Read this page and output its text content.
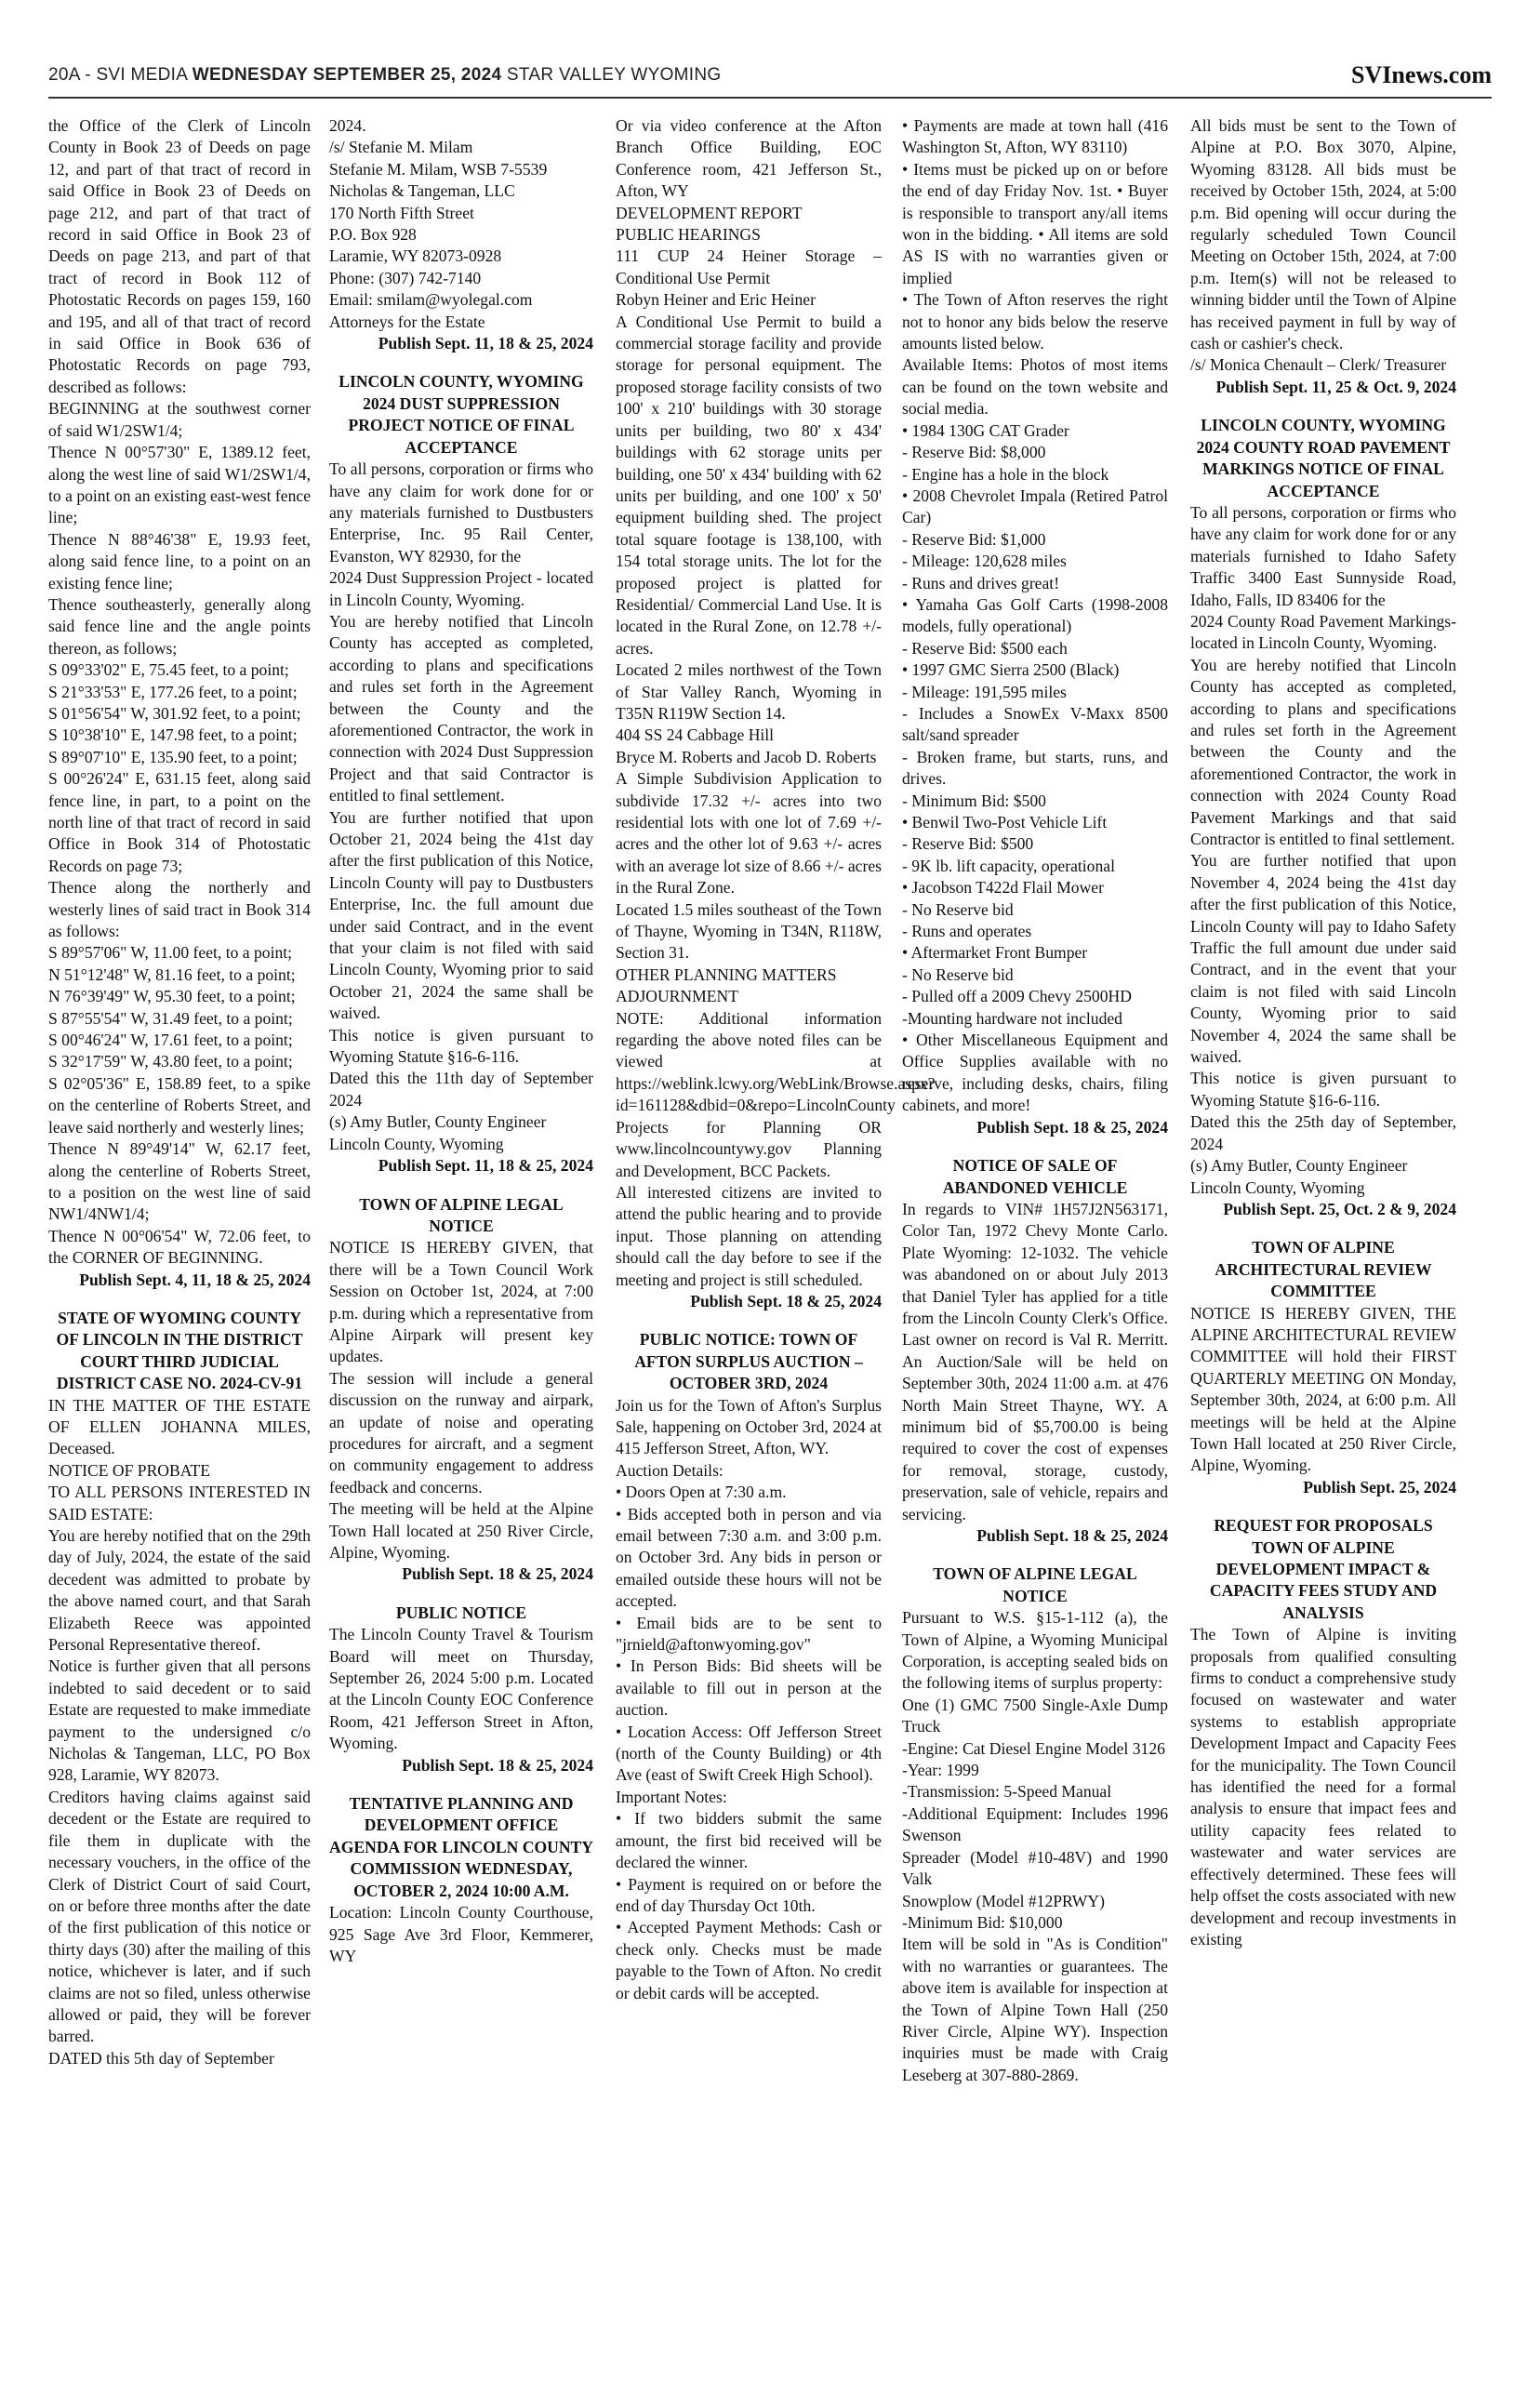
20A - SVI MEDIA WEDNESDAY SEPTEMBER 25, 2024 STAR VALLEY WYOMING	SVInews.com

the Office of the Clerk of Lincoln County in Book 23 of Deeds on page 12, and part of that tract of record in said Office in Book 23 of Deeds on page 212, and part of that tract of record in said Office in Book 23 of Deeds on page 213, and part of that tract of record in Book 112 of Photostatic Records on pages 159, 160 and 195, and all of that tract of record in said Office in Book 636 of Photostatic Records on page 793, described as follows:

BEGINNING at the southwest corner of said W1/2SW1/4;

Thence N 00°57'30" E, 1389.12 feet, along the west line of said W1/2SW1/4, to a point on an existing east-west fence line;

Thence N 88°46'38" E, 19.93 feet, along said fence line, to a point on an existing fence line;

Thence southeasterly, generally along said fence line and the angle points thereon, as follows;

S 09°33'02" E, 75.45 feet, to a point;

S 21°33'53" E, 177.26 feet, to a point;

S 01°56'54" W, 301.92 feet, to a point;

S 10°38'10" E, 147.98 feet, to a point;

S 89°07'10" E, 135.90 feet, to a point;

S 00°26'24" E, 631.15 feet, along said fence line, in part, to a point on the north line of that tract of record in said Office in Book 314 of Photostatic Records on page 73;

Thence along the northerly and westerly lines of said tract in Book 314 as follows:

S 89°57'06" W, 11.00 feet, to a point;

N 51°12'48" W, 81.16 feet, to a point;

N 76°39'49" W, 95.30 feet, to a point;

S 87°55'54" W, 31.49 feet, to a point;

S 00°46'24" W, 17.61 feet, to a point;

S 32°17'59" W, 43.80 feet, to a point;

S 02°05'36" E, 158.89 feet, to a spike on the centerline of Roberts Street, and leave said northerly and westerly lines;

Thence N 89°49'14" W, 62.17 feet, along the centerline of Roberts Street, to a position on the west line of said NW1/4NW1/4;

Thence N 00°06'54" W, 72.06 feet, to the CORNER OF BEGINNING.

Publish Sept. 4, 11, 18 & 25, 2024

STATE OF WYOMING COUNTY OF LINCOLN IN THE DISTRICT COURT THIRD JUDICIAL DISTRICT CASE NO. 2024-CV-91

IN THE MATTER OF THE ESTATE OF ELLEN JOHANNA MILES, Deceased.

NOTICE OF PROBATE

TO ALL PERSONS INTERESTED IN SAID ESTATE:

You are hereby notified that on the 29th day of July, 2024, the estate of the said decedent was admitted to probate by the above named court, and that Sarah Elizabeth Reece was appointed Personal Representative thereof.

Notice is further given that all persons indebted to said decedent or to said Estate are requested to make immediate payment to the undersigned c/o Nicholas & Tangeman, LLC, PO Box 928, Laramie, WY 82073.

Creditors having claims against said decedent or the Estate are required to file them in duplicate with the necessary vouchers, in the office of the Clerk of District Court of said Court, on or before three months after the date of the first publication of this notice or thirty days (30) after the mailing of this notice, whichever is later, and if such claims are not so filed, unless otherwise allowed or paid, they will be forever barred.

DATED this 5th day of September

2024.

/s/ Stefanie M. Milam

Stefanie M. Milam, WSB 7-5539

Nicholas & Tangeman, LLC

170 North Fifth Street

P.O. Box 928

Laramie, WY 82073-0928

Phone: (307) 742-7140

Email: smilam@wyolegal.com

Attorneys for the Estate

Publish Sept. 11, 18 & 25, 2024

LINCOLN COUNTY, WYOMING 2024 DUST SUPPRESSION PROJECT NOTICE OF FINAL ACCEPTANCE

To all persons, corporation or firms who have any claim for work done for or any materials furnished to Dustbusters Enterprise, Inc. 95 Rail Center, Evanston, WY 82930, for the

2024 Dust Suppression Project - located in Lincoln County, Wyoming.

You are hereby notified that Lincoln County has accepted as completed, according to plans and specifications and rules set forth in the Agreement between the County and the aforementioned Contractor, the work in connection with 2024 Dust Suppression Project and that said Contractor is entitled to final settlement.

You are further notified that upon October 21, 2024 being the 41st day after the first publication of this Notice, Lincoln County will pay to Dustbusters Enterprise, Inc. the full amount due under said Contract, and in the event that your claim is not filed with said Lincoln County, Wyoming prior to said October 21, 2024 the same shall be waived.

This notice is given pursuant to Wyoming Statute §16-6-116.

Dated this the 11th day of September 2024

(s) Amy Butler, County Engineer

Lincoln County, Wyoming

Publish Sept. 11, 18 & 25, 2024

TOWN OF ALPINE LEGAL NOTICE

NOTICE IS HEREBY GIVEN, that there will be a Town Council Work Session on October 1st, 2024, at 7:00 p.m. during which a representative from Alpine Airpark will present key updates.

The session will include a general discussion on the runway and airpark, an update of noise and operating procedures for aircraft, and a segment on community engagement to address feedback and concerns.

The meeting will be held at the Alpine Town Hall located at 250 River Circle, Alpine, Wyoming.

Publish Sept. 18 & 25, 2024

PUBLIC NOTICE

The Lincoln County Travel & Tourism Board will meet on Thursday, September 26, 2024 5:00 p.m. Located at the Lincoln County EOC Conference Room, 421 Jefferson Street in Afton, Wyoming.

Publish Sept. 18 & 25, 2024

TENTATIVE PLANNING AND DEVELOPMENT OFFICE AGENDA FOR LINCOLN COUNTY COMMISSION WEDNESDAY, OCTOBER 2, 2024 10:00 A.M.

Location: Lincoln County Courthouse, 925 Sage Ave 3rd Floor, Kemmerer, WY

Or via video conference at the Afton Branch Office Building, EOC Conference room, 421 Jefferson St., Afton, WY

DEVELOPMENT REPORT

PUBLIC HEARINGS

111 CUP 24 Heiner Storage – Conditional Use Permit

Robyn Heiner and Eric Heiner

A Conditional Use Permit to build a commercial storage facility and provide storage for personal equipment. The proposed storage facility consists of two 100' x 210' buildings with 30 storage units per building, two 80' x 434' buildings with 62 storage units per building, one 50' x 434' building with 62 units per building, and one 100' x 50' equipment building shed. The project total square footage is 138,100, with 154 total storage units. The lot for the proposed project is platted for Residential/ Commercial Land Use. It is located in the Rural Zone, on 12.78 +/- acres.

Located 2 miles northwest of the Town of Star Valley Ranch, Wyoming in T35N R119W Section 14.

404 SS 24 Cabbage Hill

Bryce M. Roberts and Jacob D. Roberts

A Simple Subdivision Application to subdivide 17.32 +/- acres into two residential lots with one lot of 7.69 +/- acres and the other lot of 9.63 +/- acres with an average lot size of 8.66 +/- acres in the Rural Zone.

Located 1.5 miles southeast of the Town of Thayne, Wyoming in T34N, R118W, Section 31.

OTHER PLANNING MATTERS

ADJOURNMENT

NOTE: Additional information regarding the above noted files can be viewed at https://weblink.lcwy.org/WebLink/Browse.aspx?id=161128&dbid=0&repo=LincolnCounty

Projects for Planning OR www.lincolncountywy.gov Planning and Development, BCC Packets.

All interested citizens are invited to attend the public hearing and to provide input. Those planning on attending should call the day before to see if the meeting and project is still scheduled.

Publish Sept. 18 & 25, 2024

PUBLIC NOTICE: TOWN OF AFTON SURPLUS AUCTION – OCTOBER 3RD, 2024

Join us for the Town of Afton's Surplus Sale, happening on October 3rd, 2024 at 415 Jefferson Street, Afton, WY.

Auction Details:

• Doors Open at 7:30 a.m.

• Bids accepted both in person and via email between 7:30 a.m. and 3:00 p.m. on October 3rd. Any bids in person or emailed outside these hours will not be accepted.

• Email bids are to be sent to "jrnield@aftonwyoming.gov"

• In Person Bids: Bid sheets will be available to fill out in person at the auction.

• Location Access: Off Jefferson Street (north of the County Building) or 4th Ave (east of Swift Creek High School).

Important Notes:

• If two bidders submit the same amount, the first bid received will be declared the winner.

• Payment is required on or before the end of day Thursday Oct 10th.

• Accepted Payment Methods: Cash or check only. Checks must be made payable to the Town of Afton. No credit or debit cards will be accepted.

• Payments are made at town hall (416 Washington St, Afton, WY 83110)

• Items must be picked up on or before the end of day Friday Nov. 1st. • Buyer is responsible to transport any/all items won in the bidding. • All items are sold AS IS with no warranties given or implied

• The Town of Afton reserves the right not to honor any bids below the reserve amounts listed below.

Available Items: Photos of most items can be found on the town website and social media.

• 1984 130G CAT Grader

- Reserve Bid: $8,000

- Engine has a hole in the block

• 2008 Chevrolet Impala (Retired Patrol Car)

- Reserve Bid: $1,000

- Mileage: 120,628 miles

- Runs and drives great!

• Yamaha Gas Golf Carts (1998-2008 models, fully operational)

- Reserve Bid: $500 each

• 1997 GMC Sierra 2500 (Black)

- Mileage: 191,595 miles

- Includes a SnowEx V-Maxx 8500 salt/sand spreader

- Broken frame, but starts, runs, and drives.

- Minimum Bid: $500

• Benwil Two-Post Vehicle Lift

- Reserve Bid: $500

- 9K lb. lift capacity, operational

• Jacobson T422d Flail Mower

- No Reserve bid

- Runs and operates

• Aftermarket Front Bumper

- No Reserve bid

- Pulled off a 2009 Chevy 2500HD

-Mounting hardware not included

• Other Miscellaneous Equipment and Office Supplies available with no reserve, including desks, chairs, filing cabinets, and more!

Publish Sept. 18 & 25, 2024

NOTICE OF SALE OF ABANDONED VEHICLE

In regards to VIN# 1H57J2N563171, Color Tan, 1972 Chevy Monte Carlo. Plate Wyoming: 12-1032. The vehicle was abandoned on or about July 2013 that Daniel Tyler has applied for a title from the Lincoln County Clerk's Office. Last owner on record is Val R. Merritt. An Auction/Sale will be held on September 30th, 2024 11:00 a.m. at 476 North Main Street Thayne, WY. A minimum bid of $5,700.00 is being required to cover the cost of expenses for removal, storage, custody, preservation, sale of vehicle, repairs and servicing.

Publish Sept. 18 & 25, 2024

TOWN OF ALPINE LEGAL NOTICE

Pursuant to W.S. §15-1-112 (a), the Town of Alpine, a Wyoming Municipal Corporation, is accepting sealed bids on the following items of surplus property:

One (1) GMC 7500 Single-Axle Dump Truck

-Engine: Cat Diesel Engine Model 3126

-Year: 1999

-Transmission: 5-Speed Manual

-Additional Equipment: Includes 1996 Swenson

Spreader (Model #10-48V) and 1990 Valk

Snowplow (Model #12PRWY)

-Minimum Bid: $10,000

Item will be sold in "As is Condition" with no warranties or guarantees. The above item is available for inspection at the Town of Alpine Town Hall (250 River Circle, Alpine WY). Inspection inquiries must be made with Craig Leseberg at 307-880-2869.

All bids must be sent to the Town of Alpine at P.O. Box 3070, Alpine, Wyoming 83128. All bids must be received by October 15th, 2024, at 5:00 p.m. Bid opening will occur during the regularly scheduled Town Council Meeting on October 15th, 2024, at 7:00 p.m. Item(s) will not be released to winning bidder until the Town of Alpine has received payment in full by way of cash or cashier's check.

/s/ Monica Chenault – Clerk/ Treasurer

Publish Sept. 11, 25 & Oct. 9, 2024

LINCOLN COUNTY, WYOMING 2024 COUNTY ROAD PAVEMENT MARKINGS NOTICE OF FINAL ACCEPTANCE

To all persons, corporation or firms who have any claim for work done for or any materials furnished to Idaho Safety Traffic 3400 East Sunnyside Road, Idaho, Falls, ID 83406 for the

2024 County Road Pavement Markings- located in Lincoln County, Wyoming.

You are hereby notified that Lincoln County has accepted as completed, according to plans and specifications and rules set forth in the Agreement between the County and the aforementioned Contractor, the work in connection with 2024 County Road Pavement Markings and that said Contractor is entitled to final settlement.

You are further notified that upon November 4, 2024 being the 41st day after the first publication of this Notice, Lincoln County will pay to Idaho Safety Traffic the full amount due under said Contract, and in the event that your claim is not filed with said Lincoln County, Wyoming prior to said November 4, 2024 the same shall be waived.

This notice is given pursuant to Wyoming Statute §16-6-116.

Dated this the 25th day of September, 2024

(s) Amy Butler, County Engineer

Lincoln County, Wyoming

Publish Sept. 25, Oct. 2 & 9, 2024

TOWN OF ALPINE ARCHITECTURAL REVIEW COMMITTEE

NOTICE IS HEREBY GIVEN, THE ALPINE ARCHITECTURAL REVIEW COMMITTEE will hold their FIRST QUARTERLY MEETING ON Monday, September 30th, 2024, at 6:00 p.m. All meetings will be held at the Alpine Town Hall located at 250 River Circle, Alpine, Wyoming.

Publish Sept. 25, 2024

REQUEST FOR PROPOSALS TOWN OF ALPINE DEVELOPMENT IMPACT & CAPACITY FEES STUDY AND ANALYSIS

The Town of Alpine is inviting proposals from qualified consulting firms to conduct a comprehensive study focused on wastewater and water systems to establish appropriate Development Impact and Capacity Fees for the municipality. The Town Council has identified the need for a formal analysis to ensure that impact fees and utility capacity fees related to wastewater and water services are effectively determined. These fees will help offset the costs associated with new development and recoup investments in existing
